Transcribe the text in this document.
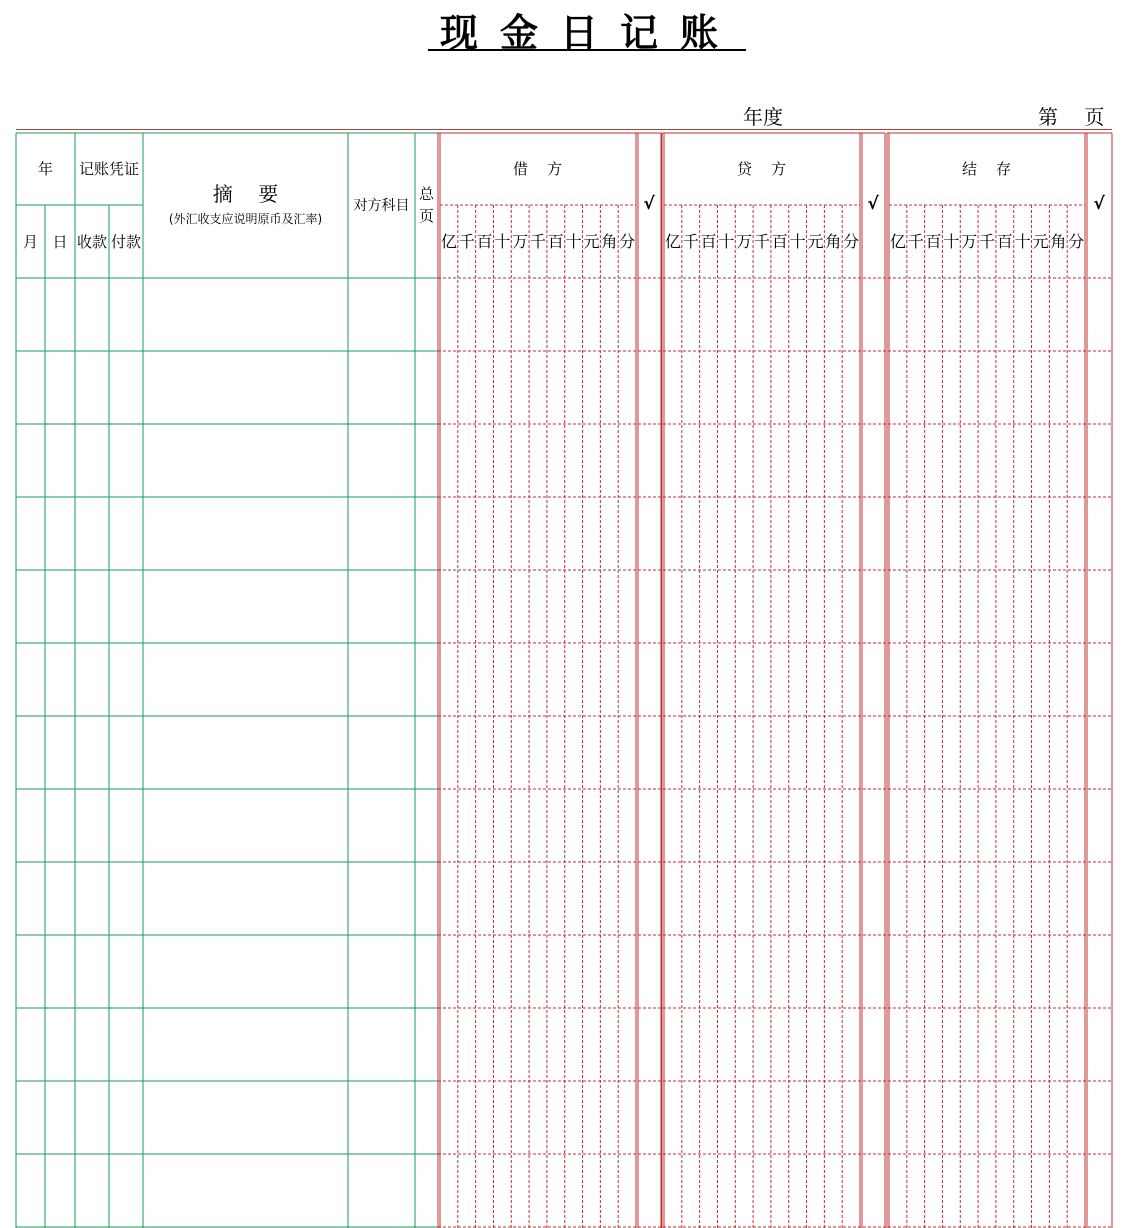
现金日记账
年度	第 页
年	记账凭证
月 日 收款 付款
摘    要
(外汇收支应说明原币及汇率)
对方科目
总
页
借    方	贷    方	结    存
√	√	√
亿 千 百 十 万 千 百 十 元 角 分 亿 千 百 十 万 千 百 十 元 角 分 亿 千 百 十 万 千 百 十 元 角 分
